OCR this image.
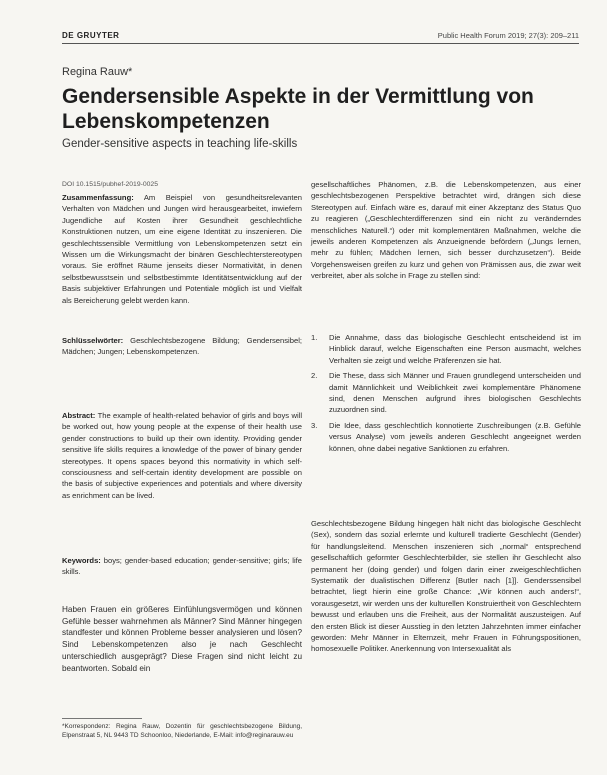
DE GRUYTER	Public Health Forum 2019; 27(3): 209–211
Regina Rauw*
Gendersensible Aspekte in der Vermittlung von Lebenskompetenzen
Gender-sensitive aspects in teaching life-skills
DOI 10.1515/pubhef-2019-0025

Zusammenfassung: Am Beispiel von gesundheitsrelevanten Verhalten von Mädchen und Jungen wird herausgearbeitet, inwiefern Jugendliche auf Kosten ihrer Gesundheit geschlechtliche Konstruktionen nutzen, um eine eigene Identität zu inszenieren. Die geschlechtssensible Vermittlung von Lebenskompetenzen setzt ein Wissen um die Wirkungsmacht der binären Geschlechterstereotypen voraus. Sie eröffnet Räume jenseits dieser Normativität, in denen selbstbewusstsein und selbstbestimmte Identitätsentwicklung auf der Basis subjektiver Erfahrungen und Potentiale möglich ist und Vielfalt als Bereicherung gelebt werden kann.

Schlüsselwörter: Geschlechtsbezogene Bildung; Gendersensibel; Mädchen; Jungen; Lebenskompetenzen.

Abstract: The example of health-related behavior of girls and boys will be worked out, how young people at the expense of their health use gender constructions to build up their own identity. Providing gender sensitive life skills requires a knowledge of the power of binary gender stereotypes. It opens spaces beyond this normativity in which self-consciousness and self-certain identity development are possible on the basis of subjective experiences and potentials and where diversity as enrichment can be lived.

Keywords: boys; gender-based education; gender-sensitive; girls; life skills.

Haben Frauen ein größeres Einfühlungsvermögen und können Gefühle besser wahrnehmen als Männer? Sind Männer hingegen standfester und können Probleme besser analysieren und lösen? Sind Lebenskompetenzen also je nach Geschlecht unterschiedlich ausgeprägt? Diese Fragen sind nicht leicht zu beantworten. Sobald ein

*Korrespondenz: Regina Rauw, Dozentin für geschlechtsbezogene Bildung, Elpenstraat 5, NL 9443 TD Schoonloo, Niederlande, E-Mail: info@reginarauw.eu

gesellschaftliches Phänomen, z.B. die Lebenskompetenzen, aus einer geschlechtsbezogenen Perspektive betrachtet wird, drängen sich diese Stereotypen auf. Einfach wäre es, darauf mit einer Akzeptanz des Status Quo zu reagieren („Geschlechterdifferenzen sind ein nicht zu veränderndes menschliches Naturell.“) oder mit komplementären Maßnahmen, welche die jeweils anderen Kompetenzen als Anzueignende befördern („Jungs lernen, mehr zu fühlen; Mädchen lernen, sich besser durchzusetzen“). Beide Vorgehensweisen greifen zu kurz und gehen von Prämissen aus, die zwar weit verbreitet, aber als solche in Frage zu stellen sind:

1. Die Annahme, dass das biologische Geschlecht entscheidend ist im Hinblick darauf, welche Eigenschaften eine Person ausmacht, welches Verhalten sie zeigt und welche Präferenzen sie hat.
2. Die These, dass sich Männer und Frauen grundlegend unterscheiden und damit Männlichkeit und Weiblichkeit zwei komplementäre Phänomene sind, denen Menschen aufgrund ihres biologischen Geschlechts zuzuordnen sind.
3. Die Idee, dass geschlechtlich konnotierte Zuschreibungen (z.B. Gefühle versus Analyse) vom jeweils anderen Geschlecht angeeignet werden können, ohne dabei negative Sanktionen zu erfahren.

Geschlechtsbezogene Bildung hingegen hält nicht das biologische Geschlecht (Sex), sondern das sozial erlernte und kulturell tradierte Geschlecht (Gender) für handlungsleitend. Menschen inszenieren sich „normal“ entsprechend gesellschaftlich geformter Geschlechterbilder, sie stellen ihr Geschlecht also permanent her (doing gender) und folgen darin einer zweigeschlechtlichen Systematik der dualistischen Differenz [Butler nach [1]]. Genderssensibel betrachtet, liegt hierin eine große Chance: „Wir können auch anders!“, vorausgesetzt, wir werden uns der kulturellen Konstruiertheit von Geschlechtern bewusst und erlauben uns die Freiheit, aus der Normalität auszusteigen. Auf den ersten Blick ist dieser Ausstieg in den letzten Jahrzehnten immer einfacher geworden: Mehr Männer in Elternzeit, mehr Frauen in Führungspositionen, homosexuelle Politiker. Anerkennung von Intersexualität als
